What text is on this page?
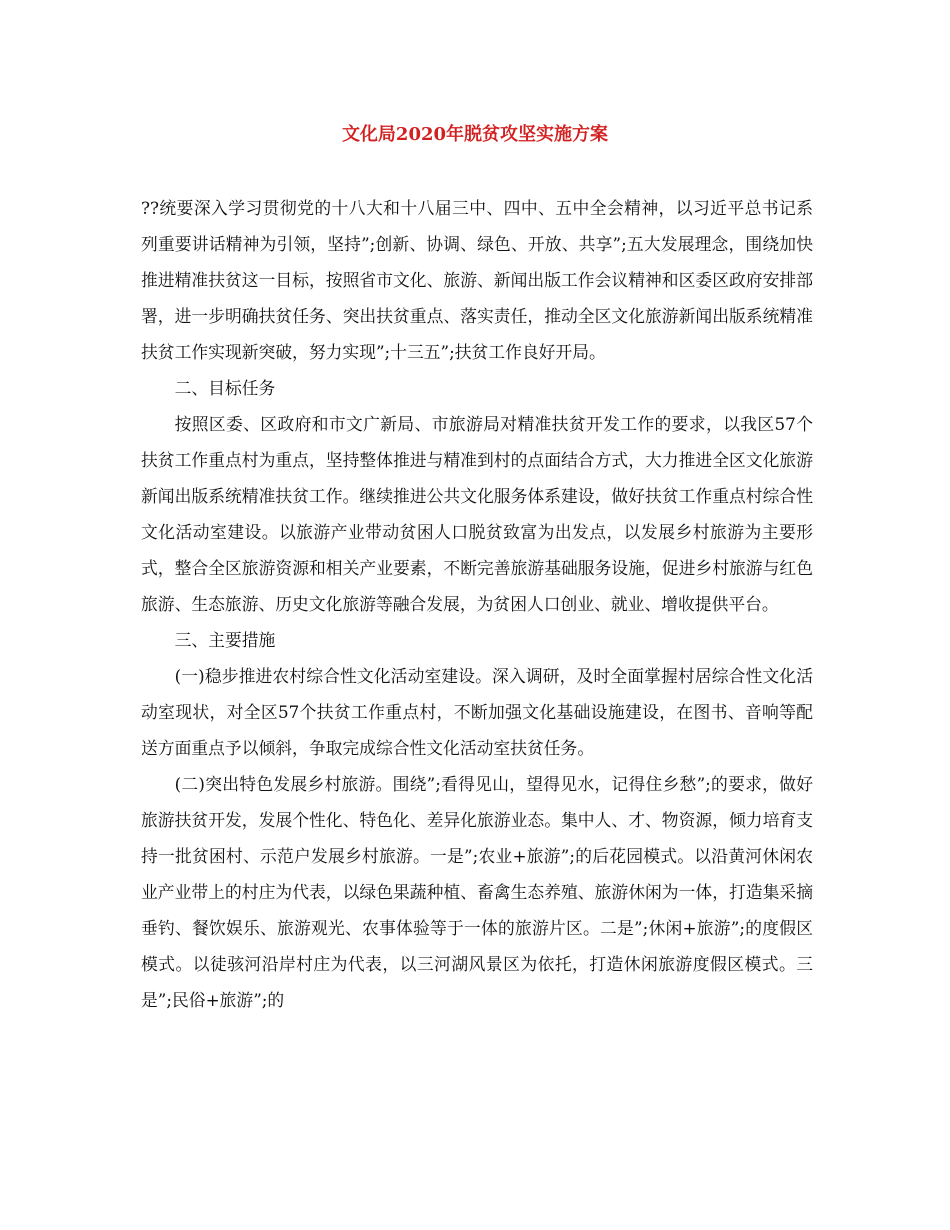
文化局2020年脱贫攻坚实施方案

??统要深入学习贯彻党的十八大和十八届三中、四中、五中全会精神，以习近平总书记系列重要讲话精神为引领，坚持”;创新、协调、绿色、开放、共享”;五大发展理念，围绕加快推进精准扶贫这一目标，按照省市文化、旅游、新闻出版工作会议精神和区委区政府安排部署，进一步明确扶贫任务、突出扶贫重点、落实责任，推动全区文化旅游新闻出版系统精准扶贫工作实现新突破，努力实现”;十三五”;扶贫工作良好开局。

二、目标任务

按照区委、区政府和市文广新局、市旅游局对精准扶贫开发工作的要求，以我区57个扶贫工作重点村为重点，坚持整体推进与精准到村的点面结合方式，大力推进全区文化旅游新闻出版系统精准扶贫工作。继续推进公共文化服务体系建设，做好扶贫工作重点村综合性文化活动室建设。以旅游产业带动贫困人口脱贫致富为出发点，以发展乡村旅游为主要形式，整合全区旅游资源和相关产业要素，不断完善旅游基础服务设施，促进乡村旅游与红色旅游、生态旅游、历史文化旅游等融合发展，为贫困人口创业、就业、增收提供平台。

三、主要措施

(一)稳步推进农村综合性文化活动室建设。深入调研，及时全面掌握村居综合性文化活动室现状，对全区57个扶贫工作重点村，不断加强文化基础设施建设，在图书、音响等配送方面重点予以倾斜，争取完成综合性文化活动室扶贫任务。

(二)突出特色发展乡村旅游。围绕”;看得见山，望得见水，记得住乡愁”;的要求，做好旅游扶贫开发，发展个性化、特色化、差异化旅游业态。集中人、才、物资源，倾力培育支持一批贫困村、示范户发展乡村旅游。一是”;农业+旅游”;的后花园模式。以沿黄河休闲农业产业带上的村庄为代表，以绿色果蔬种植、畜禽生态养殖、旅游休闲为一体，打造集采摘垂钓、餐饮娱乐、旅游观光、农事体验等于一体的旅游片区。二是”;休闲+旅游”;的度假区模式。以徒骇河沿岸村庄为代表，以三河湖风景区为依托，打造休闲旅游度假区模式。三是”;民俗+旅游”;的
